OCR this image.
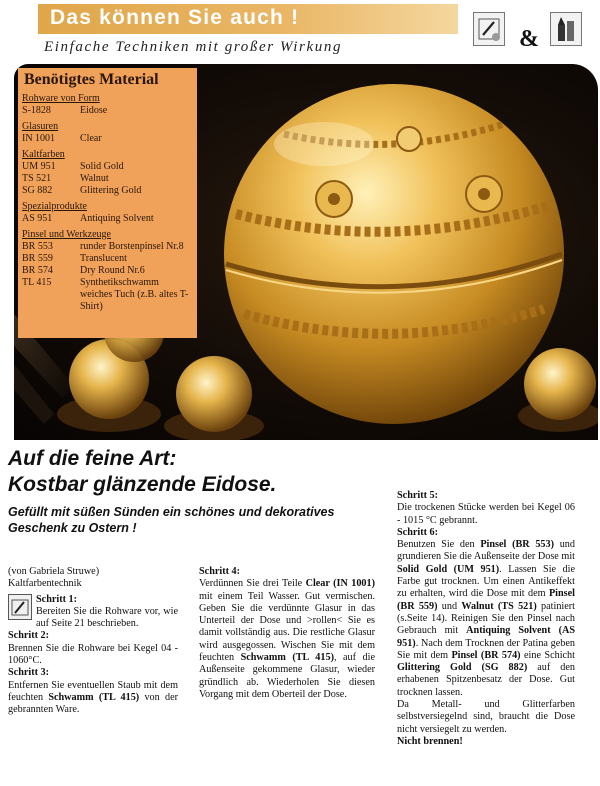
Das können Sie auch !
Einfache Techniken mit großer Wirkung	&
Benötigtes Material
Rohware von Form
S-1828	Eidose
Glasuren
IN 1001	Clear
Kaltfarben
UM 951	Solid Gold
TS 521	Walnut
SG 882	Glittering Gold
Spezialprodukte
AS 951	Antiquing Solvent
Pinsel und Werkzeuge
BR 553	runder Borstenpinsel Nr.8
BR 559	Translucent
BR 574	Dry Round Nr.6
TL 415	Synthetikschwamm
weiches Tuch (z.B. altes T-Shirt)
Auf die feine Art:
Kostbar glänzende Eidose.
Gefüllt mit süßen Sünden ein schönes und dekoratives Geschenk zu Ostern !
(von Gabriela Struwe)
Kaltfarbentechnik
Schritt 1:
Bereiten Sie die Rohware vor, wie auf Seite 21 beschrieben.
Schritt 2:
Brennen Sie die Rohware bei Kegel 04 - 1060°C.
Schritt 3:
Entfernen Sie eventuellen Staub mit dem feuchten Schwamm (TL 415) von der gebrannten Ware.
Schritt 4:
Verdünnen Sie drei Teile Clear (IN 1001) mit einem Teil Wasser. Gut vermischen. Geben Sie die verdünnte Glasur in das Unterteil der Dose und >rollen< Sie es damit vollständig aus. Die restliche Glasur wird ausgegossen. Wischen Sie mit dem feuchten Schwamm (TL 415), auf die Außenseite gekommene Glasur, wieder gründlich ab. Wiederholen Sie diesen Vorgang mit dem Oberteil der Dose.
Schritt 5:
Die trockenen Stücke werden bei Kegel 06 - 1015 °C gebrannt.
Schritt 6:
Benutzen Sie den Pinsel (BR 553) und grundieren Sie die Außenseite der Dose mit Solid Gold (UM 951). Lassen Sie die Farbe gut trocknen. Um einen Antikeffekt zu erhalten, wird die Dose mit dem Pinsel (BR 559) und Walnut (TS 521) patiniert (s.Seite 14). Reinigen Sie den Pinsel nach Gebrauch mit Antiquing Solvent (AS 951). Nach dem Trocknen der Patina geben Sie mit dem Pinsel (BR 574) eine Schicht Glittering Gold (SG 882) auf den erhabenen Spitzenbesatz der Dose. Gut trocknen lassen.
Da Metall- und Glitterfarben selbstversiegelnd sind, braucht die Dose nicht versiegelt zu werden.
Nicht brennen!
